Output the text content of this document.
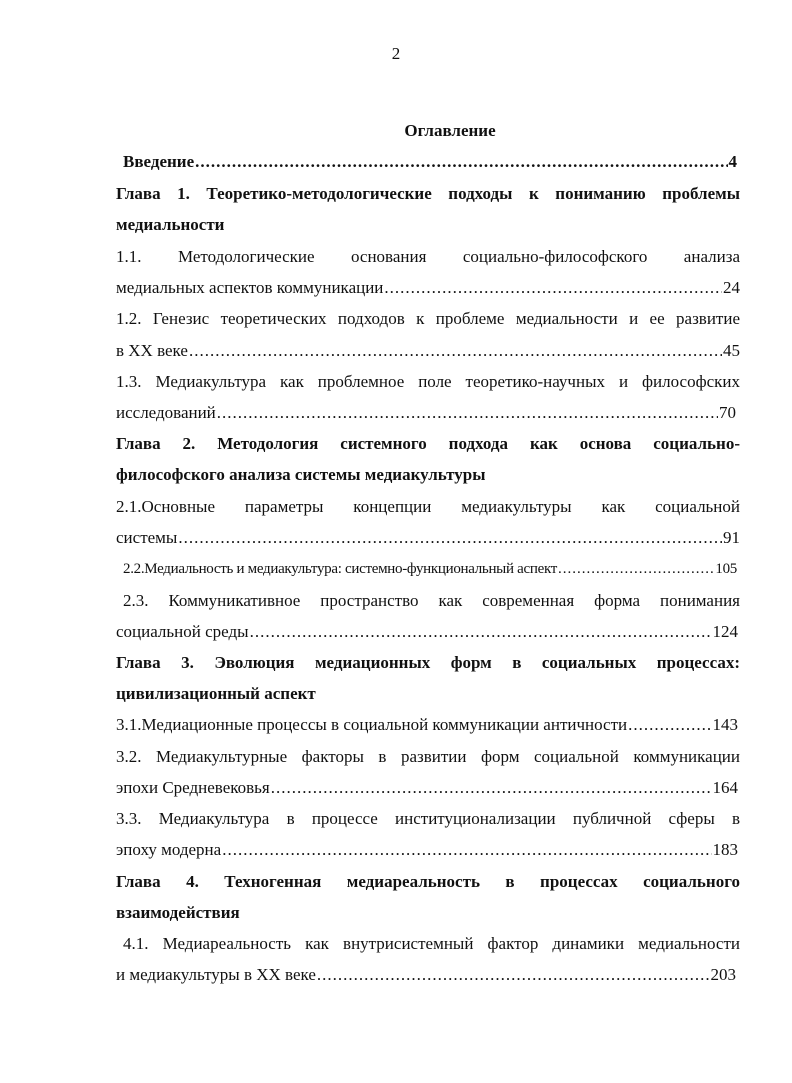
2
Оглавление
Введение .....	4
Глава 1. Теоретико-методологические подходы к пониманию проблемы
медиальности
1.1. Методологические основания социально-философского анализа
медиальных аспектов коммуникации .....	24
1.2. Генезис теоретических подходов к проблеме медиальности и ее развитие
в ХХ веке .....	45
1.3. Медиакультура как проблемное поле теоретико-научных и философских
исследований .....	70
Глава 2. Методология системного подхода как основа социально-
философского анализа системы медиакультуры
2.1.Основные параметры концепции медиакультуры как социальной
системы .....	91
2.2.Медиальность и медиакультура: системно-функциональный аспект .....	105
2.3. Коммуникативное пространство как современная форма понимания
социальной среды .....	124
Глава 3. Эволюция медиационных форм в социальных процессах:
цивилизационный аспект
3.1.Медиационные процессы в социальной коммуникации античности .....	143
3.2. Медиакультурные факторы в развитии форм социальной коммуникации
эпохи Средневековья .....	164
3.3. Медиакультура в процессе институционализации публичной сферы в
эпоху модерна .....	183
Глава 4. Техногенная медиареальность в процессах социального
взаимодействия
4.1. Медиареальность как внутрисистемный фактор динамики медиальности
и медиакультуры в ХХ веке .....	203
